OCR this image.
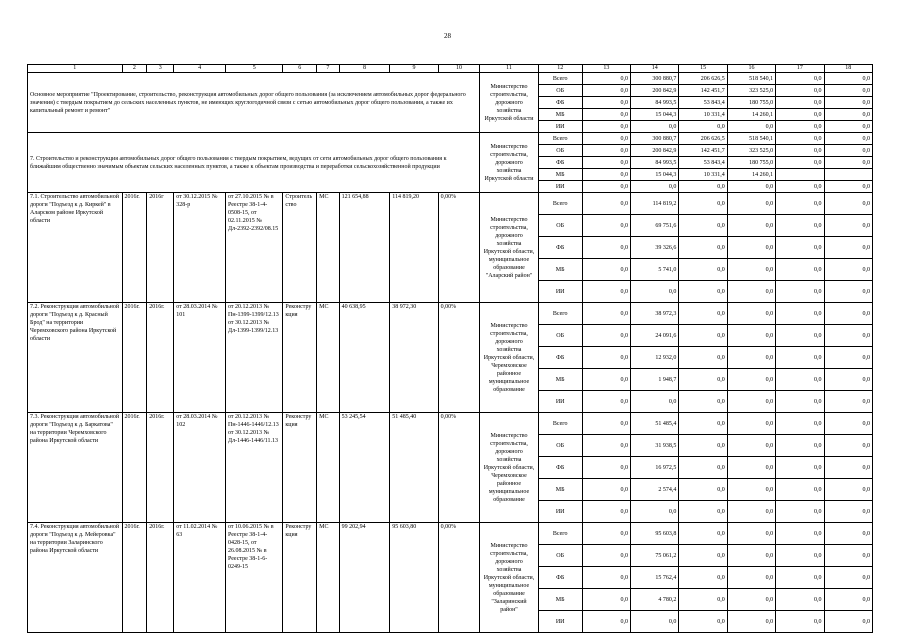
28
1	2	3	4	5	6	7	8	9	10	11	12	13	14	15	16	17	18
Основное мероприятие "Проектирование, строительство, реконструкция автомобильных дорог общего пользования (за исключением автомобильных дорог федерального значения) с твердым покрытием до сельских населенных пунктов, не имеющих круглогодичной связи с сетью автомобильных дорог общего пользования, а также их капитальный ремонт и ремонт"										Министерство строительства, дорожного хозяйства Иркутской области	Всего	0,0	300 880,7	206 626,5	518 540,1	0,0	0,0
											ОБ	0,0	200 842,9	142 451,7	323 525,0	0,0	0,0
											ФБ	0,0	84 993,5	53 843,4	180 755,0	0,0	0,0
											МБ	0,0	15 044,3	10 331,4	14 260,1	0,0	0,0
											ИИ	0,0	0,0	0,0	0,0	0,0	0,0
7. Строительство и реконструкция автомобильных дорог общего пользования с твердым покрытием, ведущих от сети автомобильных дорог общего пользования к ближайшим общественно значимым объектам сельских населенных пунктов, а также к объектам производства и переработки сельскохозяйственной продукции										Министерство строительства, дорожного хозяйства Иркутской области	Всего	0,0	300 880,7	206 626,5	518 540,1	0,0	0,0
											ОБ	0,0	200 842,9	142 451,7	323 525,0	0,0	0,0
											ФБ	0,0	84 993,5	53 843,4	180 755,0	0,0	0,0
											МБ	0,0	15 044,3	10 331,4	14 260,1		
											ИИ	0,0	0,0	0,0	0,0	0,0	0,0
7.1. Строительство автомобильной дороги "Подъезд к д. Киркей" в Аларском районе Иркутской области	2016г.	2016г	от 30.12.2015 № 328-р	от 27.10.2015 № в Реестре 38-1-4-0508-15, от 02.11.2015 № Дл-2392-2392/08.15	Строительство	МС	121 654,88	114 819,20	0,00%	Министерство строительства, дорожного хозяйства Иркутской области, муниципальное образование "Аларский район"	Всего	0,0	114 819,2	0,0	0,0	0,0	0,0
											ОБ	0,0	69 751,6	0,0	0,0	0,0	0,0
											ФБ	0,0	39 326,6	0,0	0,0	0,0	0,0
											МБ	0,0	5 741,0	0,0	0,0	0,0	0,0
											ИИ	0,0	0,0	0,0	0,0	0,0	0,0
7.2. Реконструкция автомобильной дороги "Подъезд к д. Красный Брод" на территории Черемховского района Иркутской области	2016г.	2016г.	от 28.03.2014 № 101	от 20.12.2013 № Пн-1399-1399/12.13 от 30.12.2013 № Дл-1399-1399/12.13	Реконструкция	МС	40 638,95	38 972,30	0,00%	Министерство строительства, дорожного хозяйства Иркутской области, Черемховское районное муниципальное образование	Всего	0,0	38 972,3	0,0	0,0	0,0	0,0
											ОБ	0,0	24 091,6	0,0	0,0	0,0	0,0
											ФБ	0,0	12 932,0	0,0	0,0	0,0	0,0
											МБ	0,0	1 948,7	0,0	0,0	0,0	0,0
											ИИ	0,0	0,0	0,0	0,0	0,0	0,0
7.3. Реконструкция автомобильной дороги "Подъезд к д. Баркатова" на территории Черемховского района Иркутской области	2016г.	2016г.	от 28.03.2014 № 102	от 20.12.2013 № Пн-1446-1446/12.13 от 30.12.2013 № Дл-1446-1446/11.13	Реконструкция	МС	53 245,54	51 485,40	0,00%	Министерство строительства, дорожного хозяйства Иркутской области, Черемховское районное муниципальное образование	Всего	0,0	51 485,4	0,0	0,0	0,0	0,0
											ОБ	0,0	31 938,5	0,0	0,0	0,0	0,0
											ФБ	0,0	16 972,5	0,0	0,0	0,0	0,0
											МБ	0,0	2 574,4	0,0	0,0	0,0	0,0
											ИИ	0,0	0,0	0,0	0,0	0,0	0,0
7.4. Реконструкция автомобильной дороги "Подъезд к д. Мейеровка" на территории Заларинского района Иркутской области	2016г.	2016г.	от 11.02.2014 № 63	от 10.06.2015 № в Реестре 38-1-4-0428-15, от 26.08.2015 № в Реестре 38-1-6-0249-15	Реконструкция	МС	99 202,94	95 603,80	0,00%	Министерство строительства, дорожного хозяйства Иркутской области, муниципальное образование "Заларинский район"	Всего	0,0	95 603,8	0,0	0,0	0,0	0,0
											ОБ	0,0	75 061,2	0,0	0,0	0,0	0,0
											ФБ	0,0	15 762,4	0,0	0,0	0,0	0,0
											МБ	0,0	4 780,2	0,0	0,0	0,0	0,0
											ИИ	0,0	0,0	0,0	0,0	0,0	0,0
